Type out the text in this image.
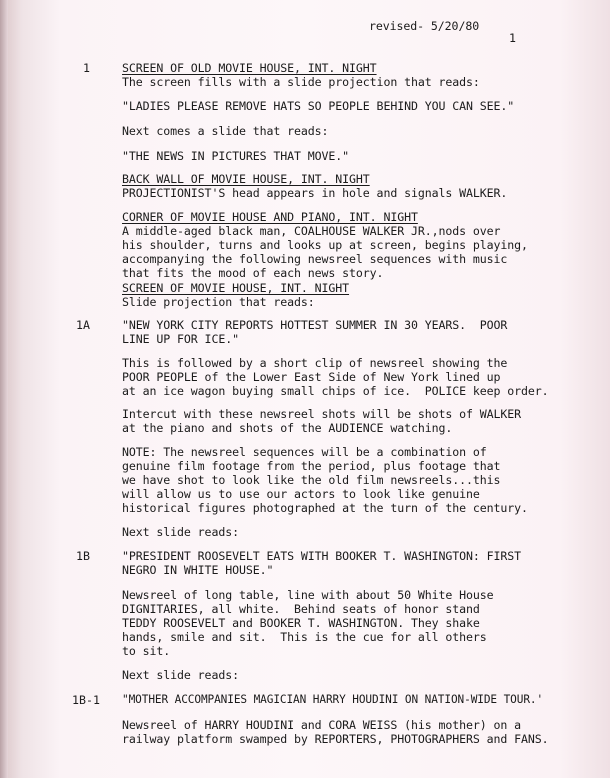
revised- 5/20/80
1
1	SCREEN OF OLD MOVIE HOUSE, INT. NIGHT
The screen fills with a slide projection that reads:
"LADIES PLEASE REMOVE HATS SO PEOPLE BEHIND YOU CAN SEE."
Next comes a slide that reads:
"THE NEWS IN PICTURES THAT MOVE."
BACK WALL OF MOVIE HOUSE, INT. NIGHT
PROJECTIONIST'S head appears in hole and signals WALKER.
CORNER OF MOVIE HOUSE AND PIANO, INT. NIGHT
A middle-aged black man, COALHOUSE WALKER JR.,nods over
his shoulder, turns and looks up at screen, begins playing,
accompanying the following newsreel sequences with music
that fits the mood of each news story.
SCREEN OF MOVIE HOUSE, INT. NIGHT
Slide projection that reads:
1A	"NEW YORK CITY REPORTS HOTTEST SUMMER IN 30 YEARS.  POOR
LINE UP FOR ICE."
This is followed by a short clip of newsreel showing the
POOR PEOPLE of the Lower East Side of New York lined up
at an ice wagon buying small chips of ice.  POLICE keep order.
Intercut with these newsreel shots will be shots of WALKER
at the piano and shots of the AUDIENCE watching.
NOTE: The newsreel sequences will be a combination of
genuine film footage from the period, plus footage that
we have shot to look like the old film newsreels...this
will allow us to use our actors to look like genuine
historical figures photographed at the turn of the century.
Next slide reads:
1B	"PRESIDENT ROOSEVELT EATS WITH BOOKER T. WASHINGTON: FIRST
NEGRO IN WHITE HOUSE."
Newsreel of long table, line with about 50 White House
DIGNITARIES, all white.  Behind seats of honor stand
TEDDY ROOSEVELT and BOOKER T. WASHINGTON. They shake
hands, smile and sit.  This is the cue for all others
to sit.
Next slide reads:
1B-1 "MOTHER ACCOMPANIES MAGICIAN HARRY HOUDINI ON NATION-WIDE TOUR.'
Newsreel of HARRY HOUDINI and CORA WEISS (his mother) on a
railway platform swamped by REPORTERS, PHOTOGRAPHERS and FANS.
